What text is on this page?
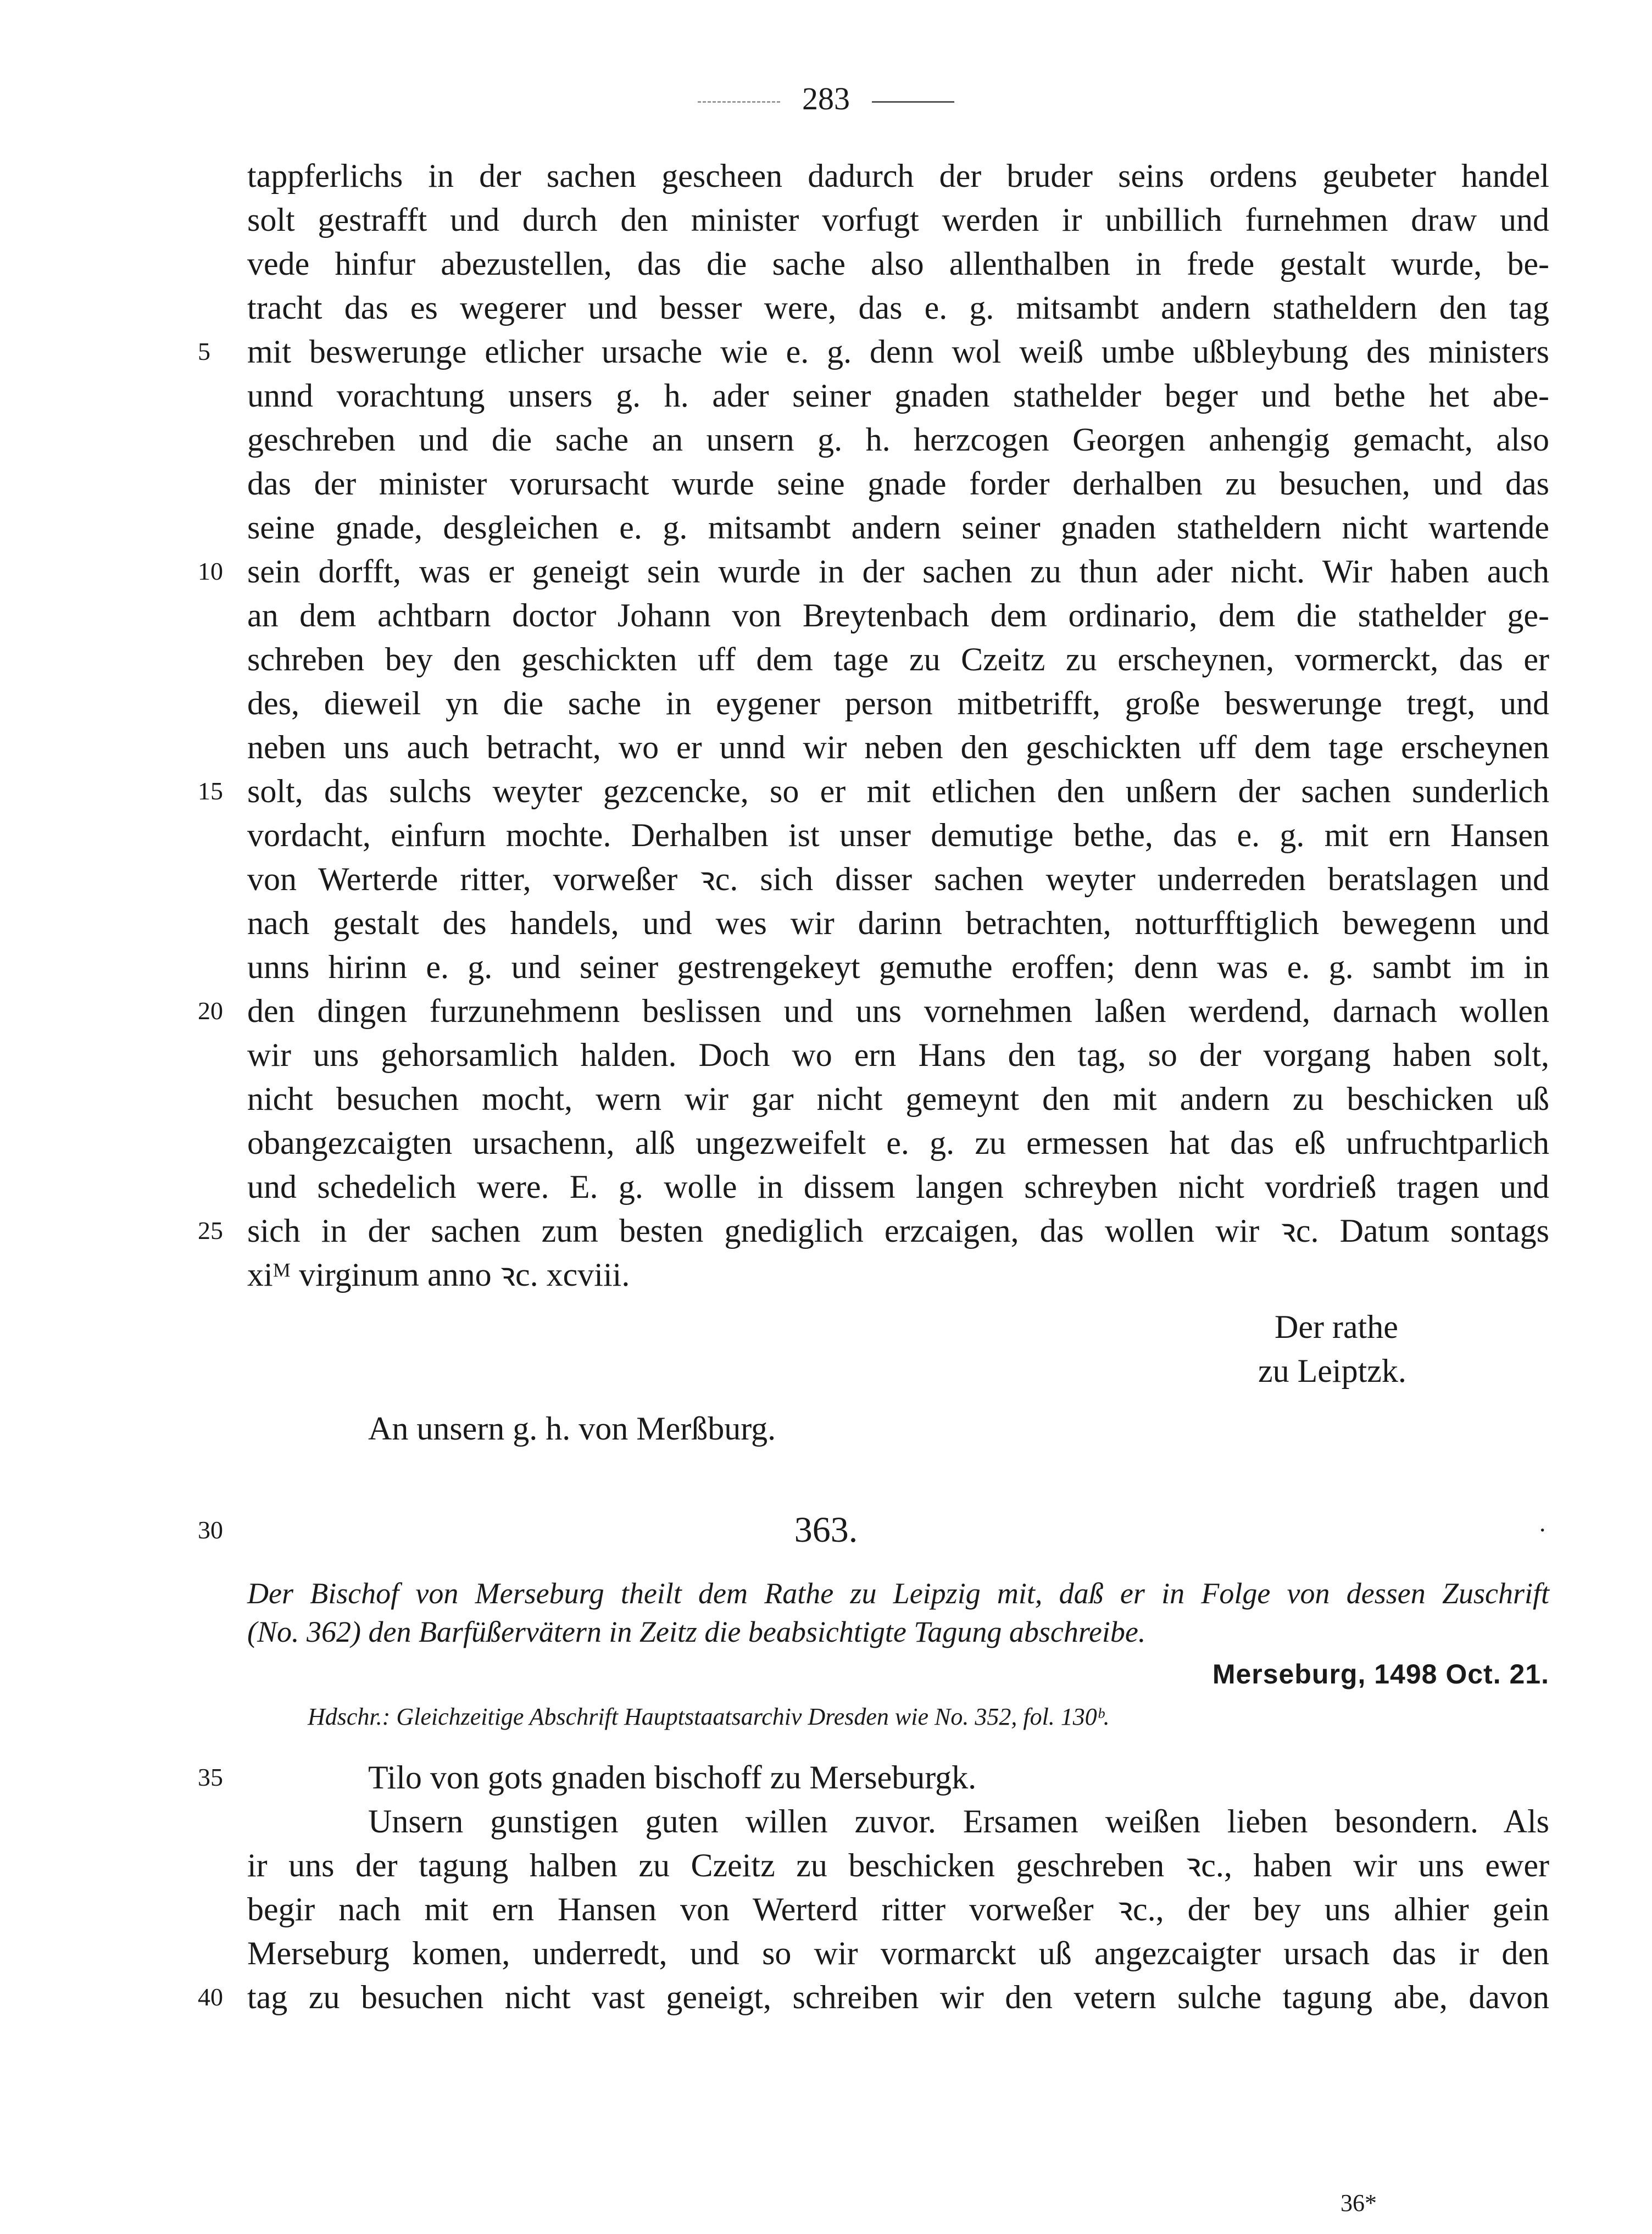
283
tappferlichs in der sachen gescheen dadurch der bruder seins ordens geubeter handel
solt gestrafft und durch den minister vorfugt werden ir unbillich furnehmen draw und
vede hinfur abezustellen, das die sache also allenthalben in frede gestalt wurde, be-
tracht das es wegerer und besser were, das e. g. mitsambt andern statheldern den tag
mit beswerunge etlicher ursache wie e. g. denn wol weiß umbe ußbleybung des ministers
unnd vorachtung unsers g. h. ader seiner gnaden stathelder beger und bethe het abe-
geschreben und die sache an unsern g. h. herzcogen Georgen anhengig gemacht, also
das der minister vorursacht wurde seine gnade forder derhalben zu besuchen, und das
seine gnade, desgleichen e. g. mitsambt andern seiner gnaden statheldern nicht wartende
sein dorfft, was er geneigt sein wurde in der sachen zu thun ader nicht. Wir haben auch
an dem achtbarn doctor Johann von Breytenbach dem ordinario, dem die stathelder ge-
schreben bey den geschickten uff dem tage zu Czeitz zu erscheynen, vormerckt, das er
des, dieweil yn die sache in eygener person mitbetrifft, große beswerunge tregt, und
neben uns auch betracht, wo er unnd wir neben den geschickten uff dem tage erscheynen
solt, das sulchs weyter gezcencke, so er mit etlichen den unßern der sachen sunderlich
vordacht, einfurn mochte. Derhalben ist unser demutige bethe, das e. g. mit ern Hansen
von Werterde ritter, vorweßer ꝛc. sich disser sachen weyter underreden beratslagen und
nach gestalt des handels, und wes wir darinn betrachten, notturfftiglich bewegenn und
unns hirinn e. g. und seiner gestrengekeyt gemuthe eroffen; denn was e. g. sambt im in
den dingen furzunehmenn beslissen und uns vornehmen laßen werdend, darnach wollen
wir uns gehorsamlich halden. Doch wo ern Hans den tag, so der vorgang haben solt,
nicht besuchen mocht, wern wir gar nicht gemeynt den mit andern zu beschicken uß
obangezcaigten ursachenn, alß ungezweifelt e. g. zu ermessen hat das eß unfruchtparlich
und schedelich were. E. g. wolle in dissem langen schreyben nicht vordrieß tragen und
sich in der sachen zum besten gnediglich erzcaigen, das wollen wir ꝛc. Datum sontags
xiᴹ virginum anno ꝛc. xcviii.
Der rathe
zu Leiptzk.
An unsern g. h. von Merßburg.
363.	·
Der Bischof von Merseburg theilt dem Rathe zu Leipzig mit, daß er in Folge von dessen Zuschrift
(No. 362) den Barfüßervätern in Zeitz die beabsichtigte Tagung abschreibe.
Merseburg, 1498 Oct. 21.
Hdschr.: Gleichzeitige Abschrift Hauptstaatsarchiv Dresden wie No. 352, fol. 130ᵇ.
Tilo von gots gnaden bischoff zu Merseburgk.
Unsern gunstigen guten willen zuvor. Ersamen weißen lieben besondern. Als
ir uns der tagung halben zu Czeitz zu beschicken geschreben ꝛc., haben wir uns ewer
begir nach mit ern Hansen von Werterd ritter vorweßer ꝛc., der bey uns alhier gein
Merseburg komen, underredt, und so wir vormarckt uß angezcaigter ursach das ir den
tag zu besuchen nicht vast geneigt, schreiben wir den vetern sulche tagung abe, davon
5
10
15
20
25
30
35
40
36*
